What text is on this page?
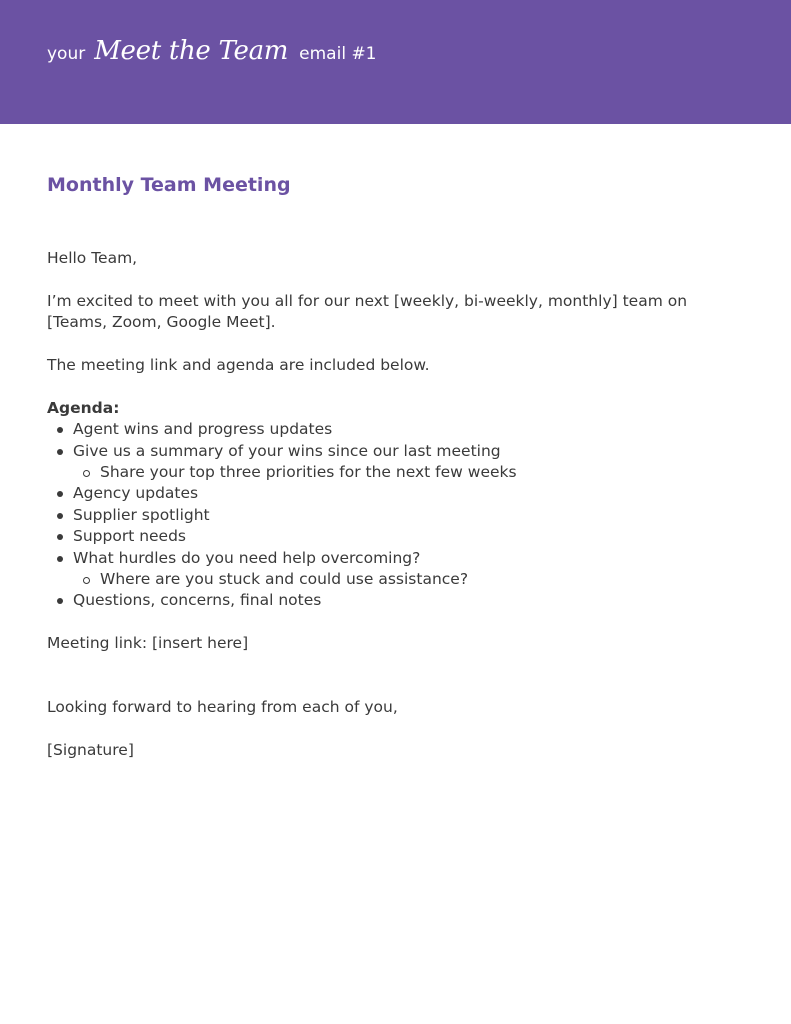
your Meet the Team email #1
Monthly Team Meeting

Hello Team,

I’m excited to meet with you all for our next [weekly, bi-weekly, monthly] team on [Teams, Zoom, Google Meet].

The meeting link and agenda are included below.

Agenda:
Agent wins and progress updates
Give us a summary of your wins since our last meeting
Share your top three priorities for the next few weeks
Agency updates
Supplier spotlight
Support needs
What hurdles do you need help overcoming?
Where are you stuck and could use assistance?
Questions, concerns, final notes

Meeting link: [insert here]

Looking forward to hearing from each of you,

[Signature]
